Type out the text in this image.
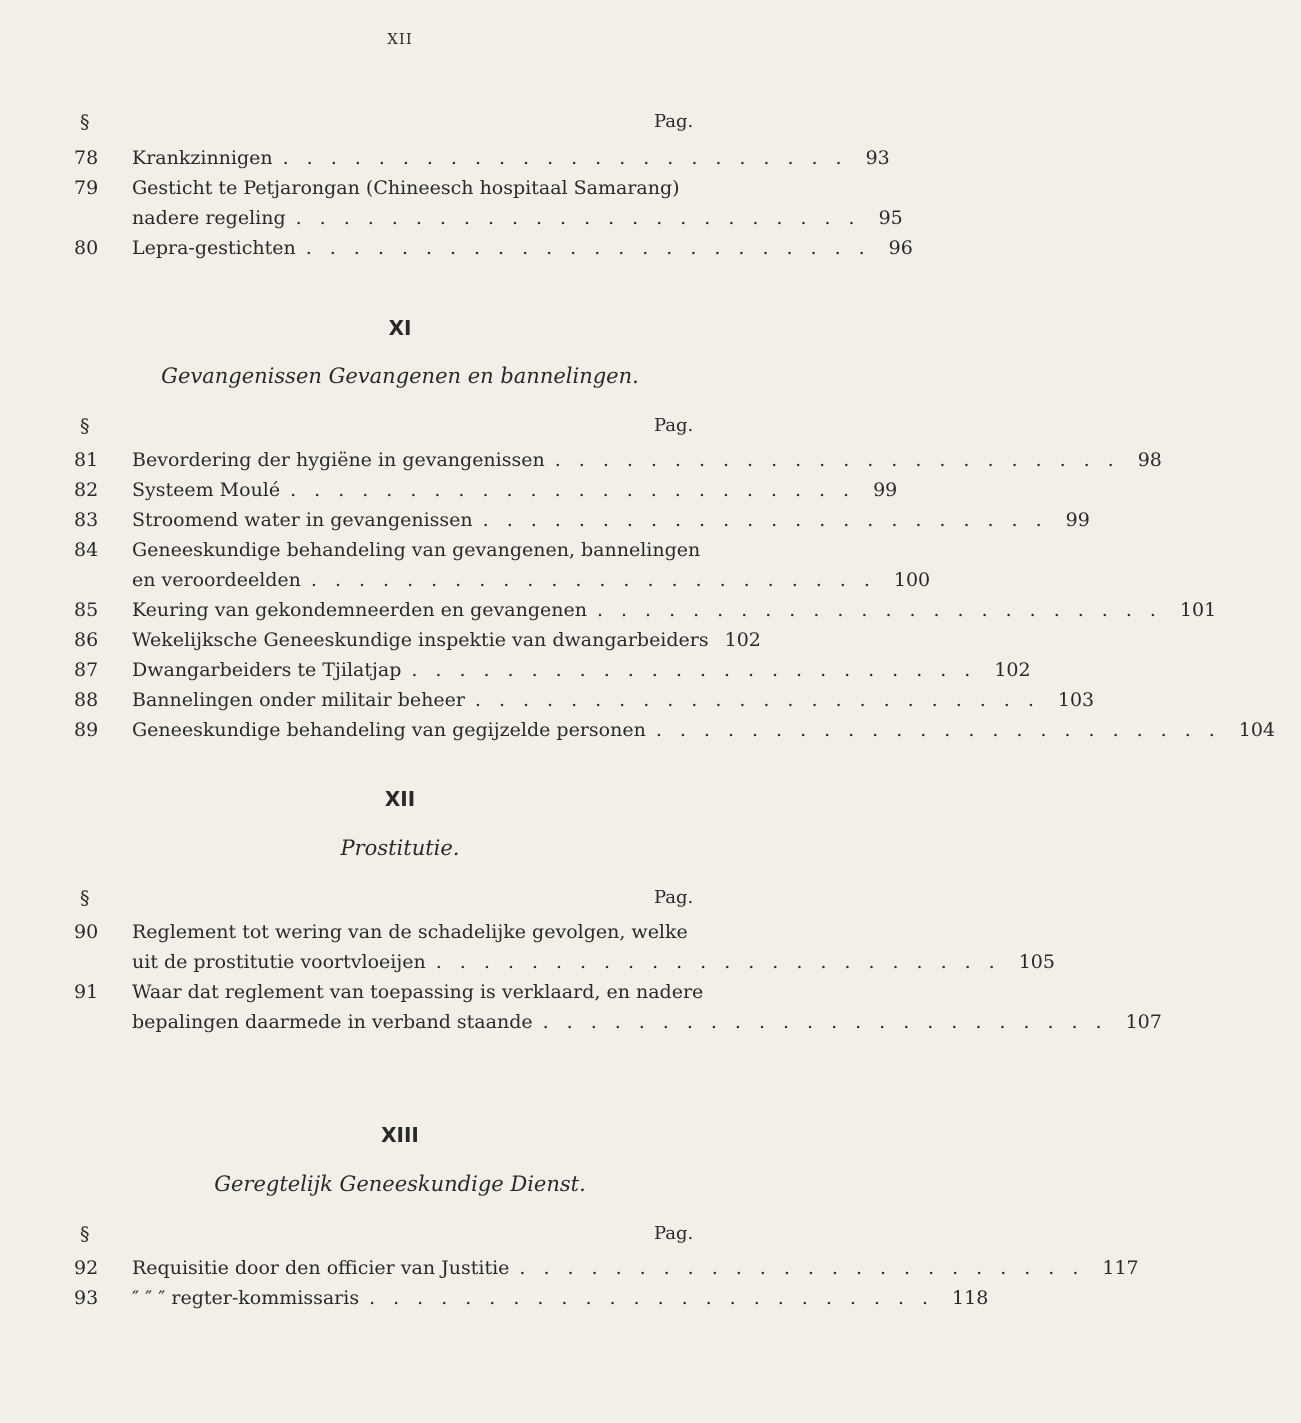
XII
§	Pag.
78	Krankzinnigen ........................ 93
79	Gesticht te Petjarongan (Chineesch hospitaal Samarang)
nadere regeling ........................ 95
80	Lepra-gestichten ........................ 96
XI
Gevangenissen Gevangenen en bannelingen.
§	Pag.
81	Bevordering der hygiëne in gevangenissen ........................ 98
82	Systeem Moulé ........................ 99
83	Stroomend water in gevangenissen ........................ 99
84	Geneeskundige behandeling van gevangenen, bannelingen
en veroordeelden ........................ 100
85	Keuring van gekondemneerden en gevangenen ........................ 101
86	Wekelijksche Geneeskundige inspektie van dwangarbeiders 102
87	Dwangarbeiders te Tjilatjap ........................ 102
88	Bannelingen onder militair beheer ........................ 103
89	Geneeskundige behandeling van gegijzelde personen ........................ 104
XII
Prostitutie.
§	Pag.
90	Reglement tot wering van de schadelijke gevolgen, welke
uit de prostitutie voortvloeijen ........................ 105
91	Waar dat reglement van toepassing is verklaard, en nadere
bepalingen daarmede in verband staande ........................ 107
XIII
Geregtelijk Geneeskundige Dienst.
§	Pag.
92	Requisitie door den officier van Justitie ........................ 117
93	″ ″ ″ regter-kommissaris ........................ 118
